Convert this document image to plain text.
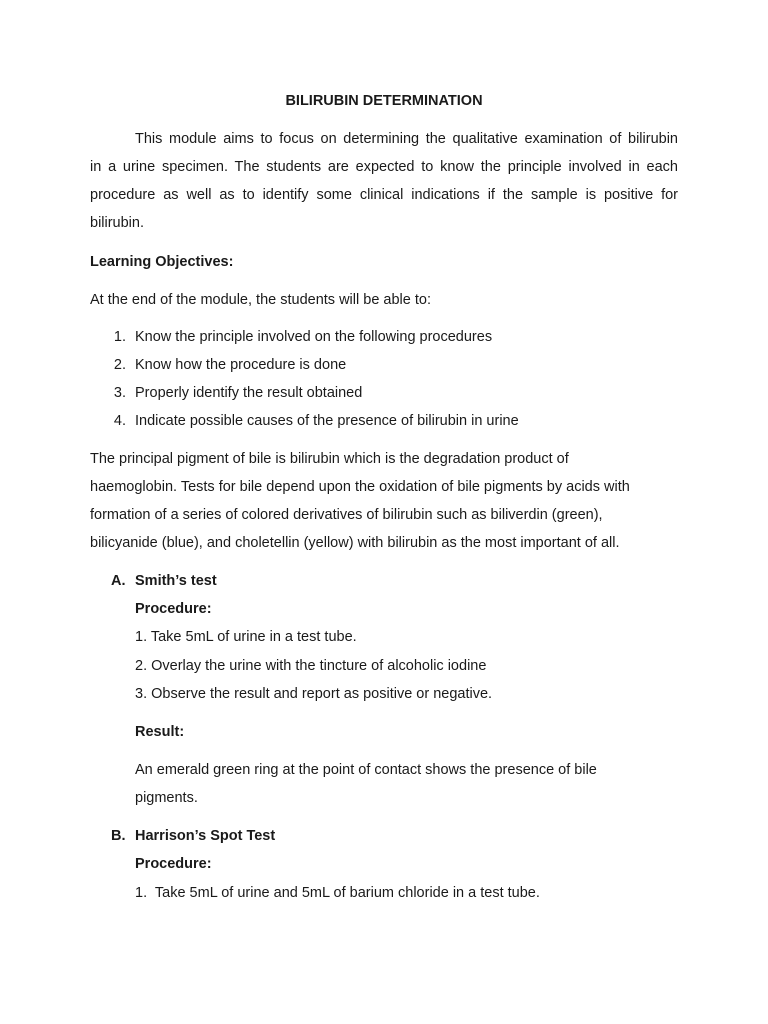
BILIRUBIN DETERMINATION
This module aims to focus on determining the qualitative examination of bilirubin
in a urine specimen. The students are expected to know the principle involved in each
procedure as well as to identify some clinical indications if the sample is positive for
bilirubin.
Learning Objectives:
At the end of the module, the students will be able to:
1. Know the principle involved on the following procedures
2. Know how the procedure is done
3. Properly identify the result obtained
4. Indicate possible causes of the presence of bilirubin in urine
The principal pigment of bile is bilirubin which is the degradation product of
haemoglobin. Tests for bile depend upon the oxidation of bile pigments by acids with
formation of a series of colored derivatives of bilirubin such as biliverdin (green),
bilicyanide (blue), and choletellin (yellow) with bilirubin as the most important of all.
A. Smith’s test
Procedure:
1. Take 5mL of urine in a test tube.
2. Overlay the urine with the tincture of alcoholic iodine
3. Observe the result and report as positive or negative.
Result:
An emerald green ring at the point of contact shows the presence of bile
pigments.
B. Harrison’s Spot Test
Procedure:
1.  Take 5mL of urine and 5mL of barium chloride in a test tube.
